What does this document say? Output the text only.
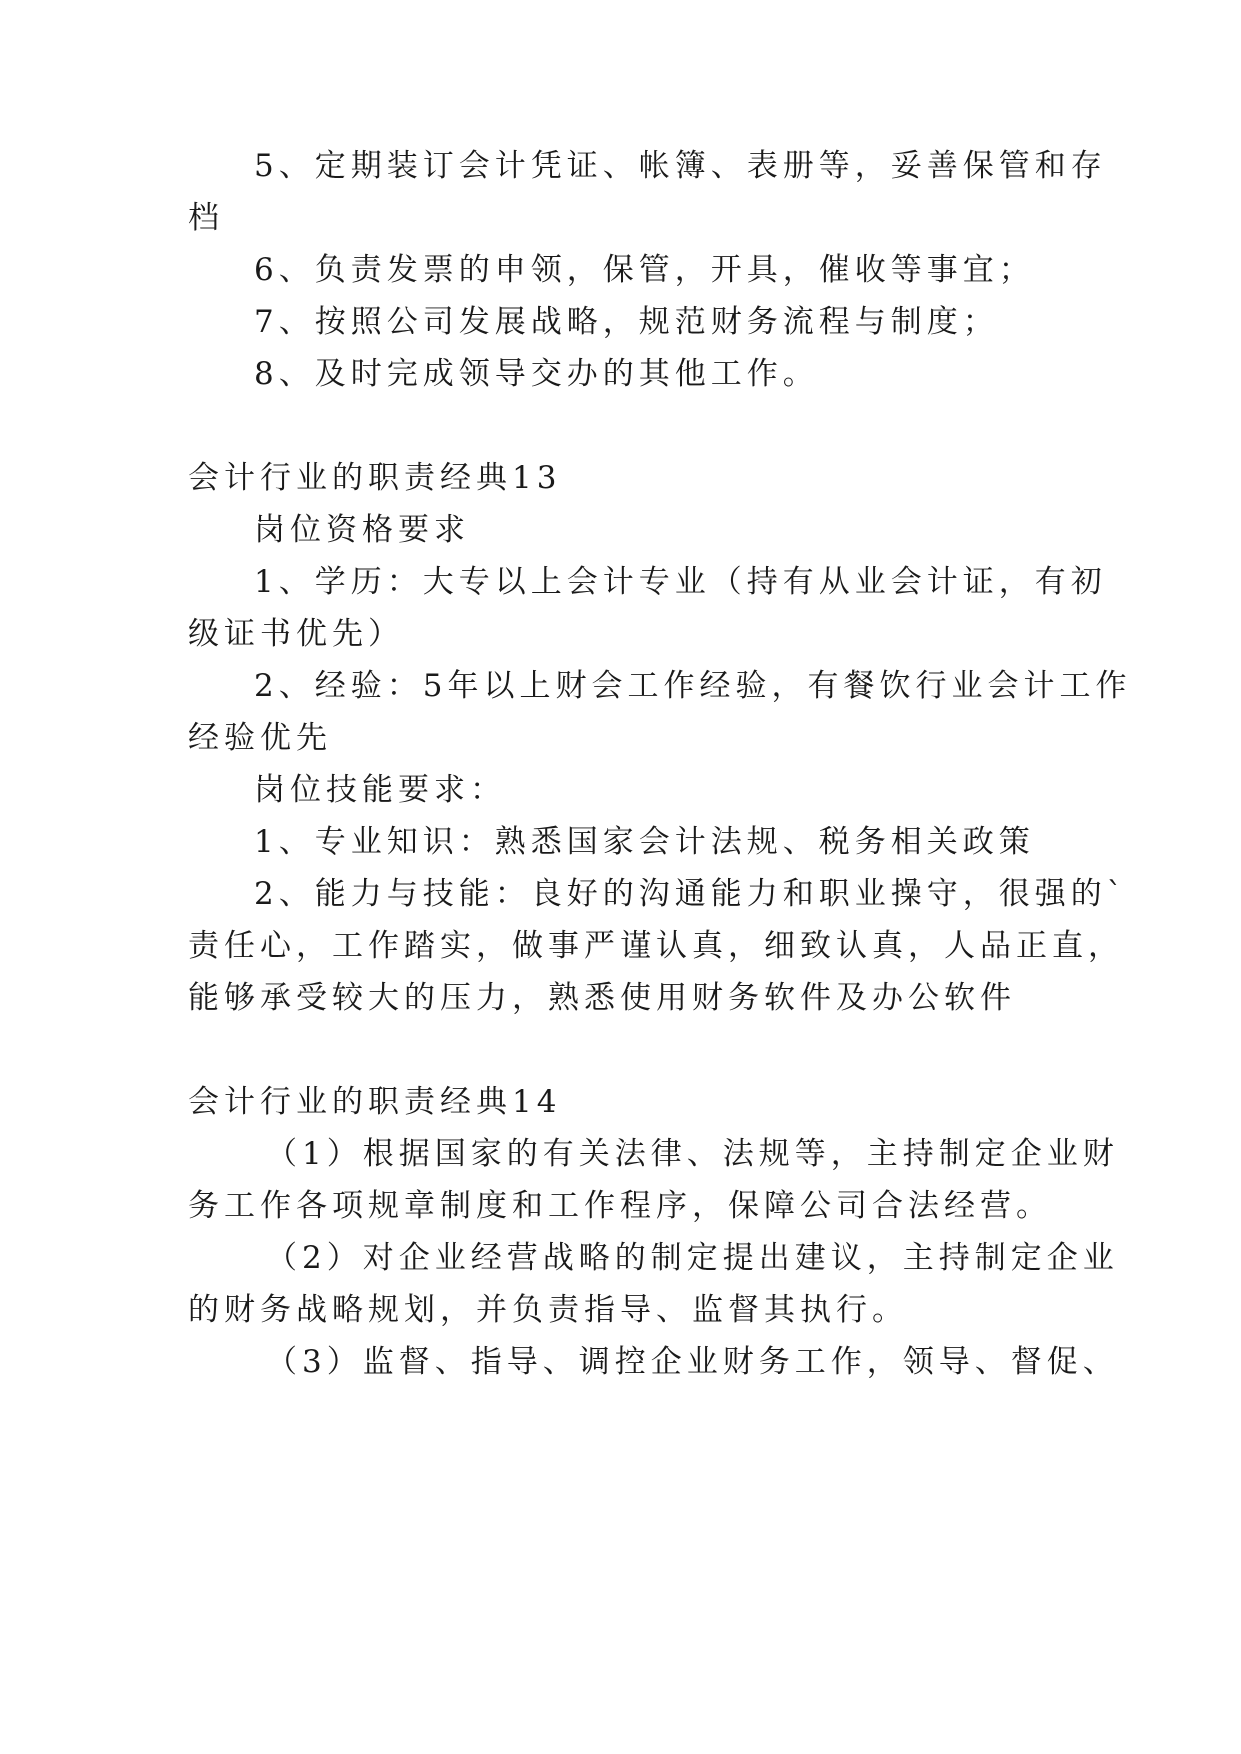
5、定期装订会计凭证、帐簿、表册等，妥善保管和存
档
6、负责发票的申领，保管，开具，催收等事宜；
7、按照公司发展战略，规范财务流程与制度；
8、及时完成领导交办的其他工作。
会计行业的职责经典13
岗位资格要求
1、学历：大专以上会计专业（持有从业会计证，有初
级证书优先）
2、经验：5年以上财会工作经验，有餐饮行业会计工作
经验优先
岗位技能要求：
1、专业知识：熟悉国家会计法规、税务相关政策
2、能力与技能：良好的沟通能力和职业操守，很强的`
责任心，工作踏实，做事严谨认真，细致认真，人品正直，
能够承受较大的压力，熟悉使用财务软件及办公软件
会计行业的职责经典14
（1）根据国家的有关法律、法规等，主持制定企业财
务工作各项规章制度和工作程序，保障公司合法经营。
（2）对企业经营战略的制定提出建议，主持制定企业
的财务战略规划，并负责指导、监督其执行。
（3）监督、指导、调控企业财务工作，领导、督促、
